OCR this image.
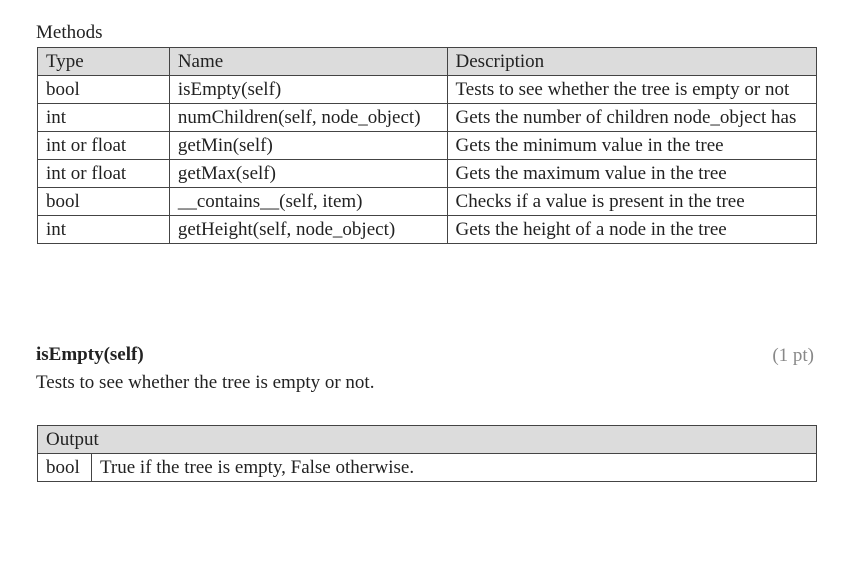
Methods
Type	Name	Description
bool	isEmpty(self)	Tests to see whether the tree is empty or not
int	numChildren(self, node_object)	Gets the number of children node_object has
int or float	getMin(self)	Gets the minimum value in the tree
int or float	getMax(self)	Gets the maximum value in the tree
bool	__contains__(self, item)	Checks if a value is present in the tree
int	getHeight(self, node_object)	Gets the height of a node in the tree
isEmpty(self)	(1 pt)
Tests to see whether the tree is empty or not.
Output
bool	True if the tree is empty, False otherwise.
